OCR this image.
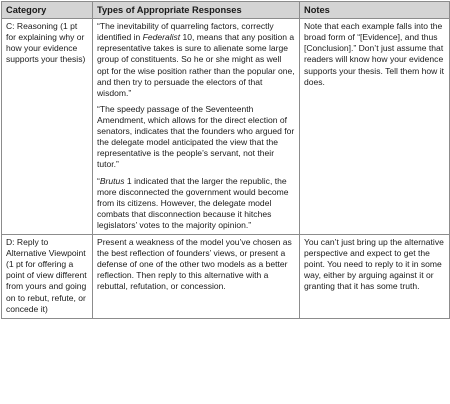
Category	Types of Appropriate Responses	Notes
C: Reasoning (1 pt for explaining why or how your evidence supports your thesis)	“The inevitability of quarreling factors, correctly identified in Federalist 10, means that any position a representative takes is sure to alienate some large group of constituents. So he or she might as well opt for the wise position rather than the popular one, and then try to persuade the electors of that wisdom.”

“The speedy passage of the Seventeenth Amendment, which allows for the direct election of senators, indicates that the founders who argued for the delegate model anticipated the view that the representative is the people’s servant, not their tutor.”

“Brutus 1 indicated that the larger the republic, the more disconnected the government would become from its citizens. However, the delegate model combats that disconnection because it hitches legislators’ votes to the majority opinion.”	Note that each example falls into the broad form of “[Evidence], and thus [Conclusion].” Don’t just assume that readers will know how your evidence supports your thesis. Tell them how it does.
D: Reply to Alternative Viewpoint (1 pt for offering a point of view different from yours and going on to rebut, refute, or concede it)	Present a weakness of the model you’ve chosen as the best reflection of founders’ views, or present a defense of one of the other two models as a better reflection. Then reply to this alternative with a rebuttal, refutation, or concession.	You can’t just bring up the alternative perspective and expect to get the point. You need to reply to it in some way, either by arguing against it or granting that it has some truth.
